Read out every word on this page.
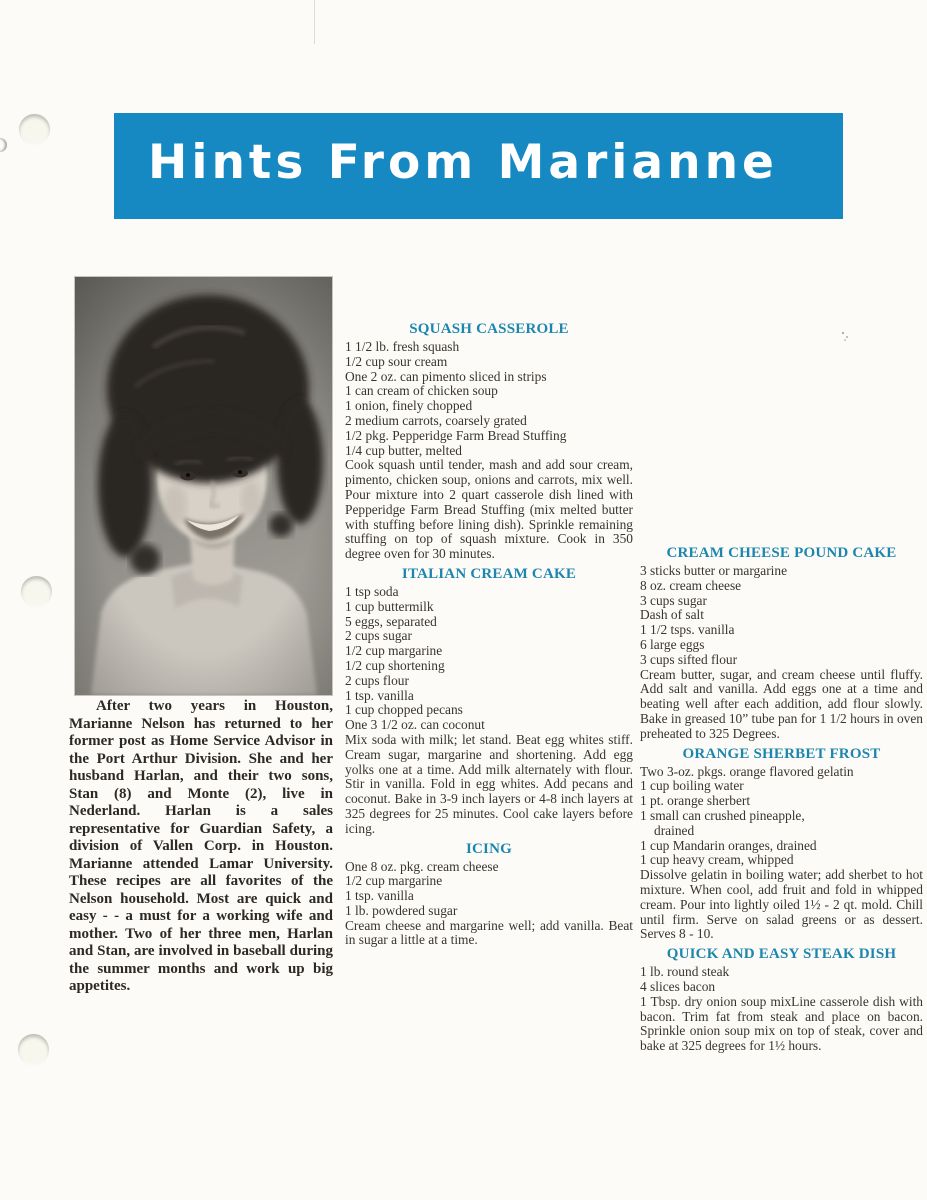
Hints From Marianne

After two years in Houston, Marianne Nelson has returned to her former post as Home Service Advisor in the Port Arthur Division. She and her husband Harlan, and their two sons, Stan (8) and Monte (2), live in Nederland. Harlan is a sales representative for Guardian Safety, a division of Vallen Corp. in Houston. Marianne attended Lamar University. These recipes are all favorites of the Nelson household. Most are quick and easy - - a must for a working wife and mother. Two of her three men, Harlan and Stan, are involved in baseball during the summer months and work up big appetites.

SQUASH CASSEROLE
1 1/2 lb. fresh squash
1/2 cup sour cream
One 2 oz. can pimento sliced in strips
1 can cream of chicken soup
1 onion, finely chopped
2 medium carrots, coarsely grated
1/2 pkg. Pepperidge Farm Bread Stuffing
1/4 cup butter, melted

Cook squash until tender, mash and add sour cream, pimento, chicken soup, onions and carrots, mix well. Pour mixture into 2 quart casserole dish lined with Pepperidge Farm Bread Stuffing (mix melted butter with stuffing before lining dish). Sprinkle remaining stuffing on top of squash mixture. Cook in 350 degree oven for 30 minutes.

ITALIAN CREAM CAKE
1 tsp soda
1 cup buttermilk
5 eggs, separated
2 cups sugar
1/2 cup margarine
1/2 cup shortening
2 cups flour
1 tsp. vanilla
1 cup chopped pecans
One 3 1/2 oz. can coconut

Mix soda with milk; let stand. Beat egg whites stiff. Cream sugar, margarine and shortening. Add egg yolks one at a time. Add milk alternately with flour. Stir in vanilla. Fold in egg whites. Add pecans and coconut. Bake in 3-9 inch layers or 4-8 inch layers at 325 degrees for 25 minutes. Cool cake layers before icing.

ICING
One 8 oz. pkg. cream cheese
1/2 cup margarine
1 tsp. vanilla
1 lb. powdered sugar

Cream cheese and margarine well; add vanilla. Beat in sugar a little at a time.

CREAM CHEESE POUND CAKE
3 sticks butter or margarine
8 oz. cream cheese
3 cups sugar
Dash of salt
1 1/2 tsps. vanilla
6 large eggs
3 cups sifted flour

Cream butter, sugar, and cream cheese until fluffy. Add salt and vanilla. Add eggs one at a time and beating well after each addition, add flour slowly. Bake in greased 10” tube pan for 1 1/2 hours in oven preheated to 325 Degrees.

ORANGE SHERBET FROST
Two 3-oz. pkgs. orange flavored gelatin
1 cup boiling water
1 pt. orange sherbert
1 small can crushed pineapple,
drained
1 cup Mandarin oranges, drained
1 cup heavy cream, whipped

Dissolve gelatin in boiling water; add sherbet to hot mixture. When cool, add fruit and fold in whipped cream. Pour into lightly oiled 1½ - 2 qt. mold. Chill until firm. Serve on salad greens or as dessert. Serves 8 - 10.

QUICK AND EASY STEAK DISH
1 lb. round steak
4 slices bacon

1 Tbsp. dry onion soup mixLine casserole dish with bacon. Trim fat from steak and place on bacon. Sprinkle onion soup mix on top of steak, cover and bake at 325 degrees for 1½ hours.
